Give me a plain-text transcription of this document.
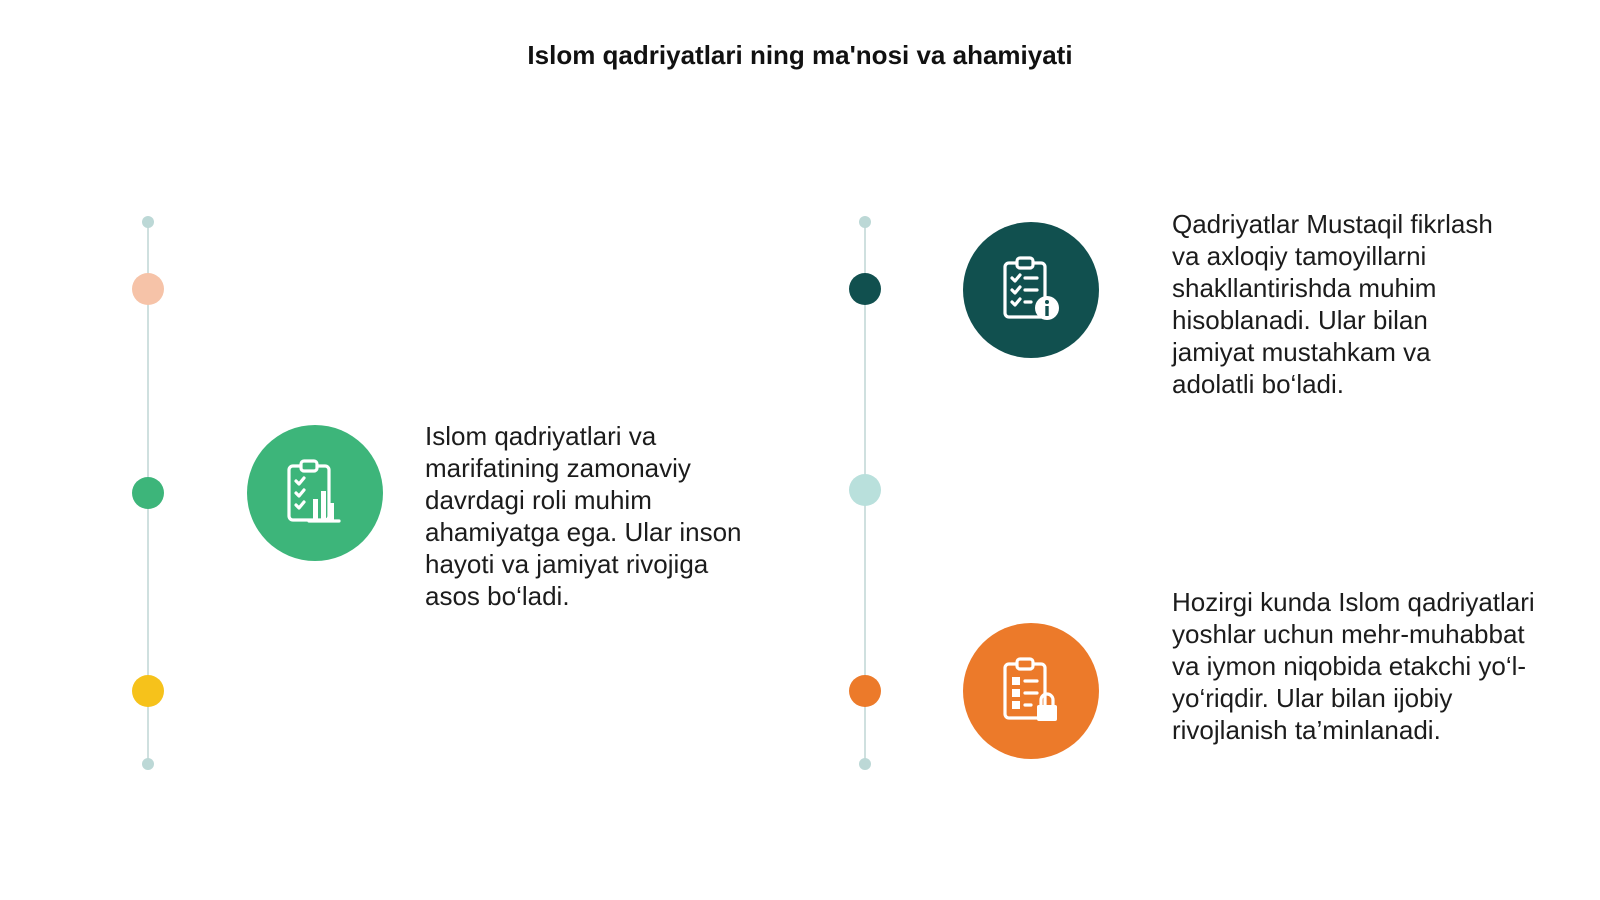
Islom qadriyatlari ning ma'nosi va ahamiyati

Islom qadriyatlari va marifatining zamonaviy davrdagi roli muhim ahamiyatga ega. Ular inson hayoti va jamiyat rivojiga asos bo‘ladi.

Qadriyatlar Mustaqil fikrlash va axloqiy tamoyillarni shakllantirishda muhim hisoblanadi. Ular bilan jamiyat mustahkam va adolatli bo‘ladi.

Hozirgi kunda Islom qadriyatlari yoshlar uchun mehr-muhabbat va iymon niqobida etakchi yo‘l-yo‘riqdir. Ular bilan ijobiy rivojlanish ta’minlanadi.
